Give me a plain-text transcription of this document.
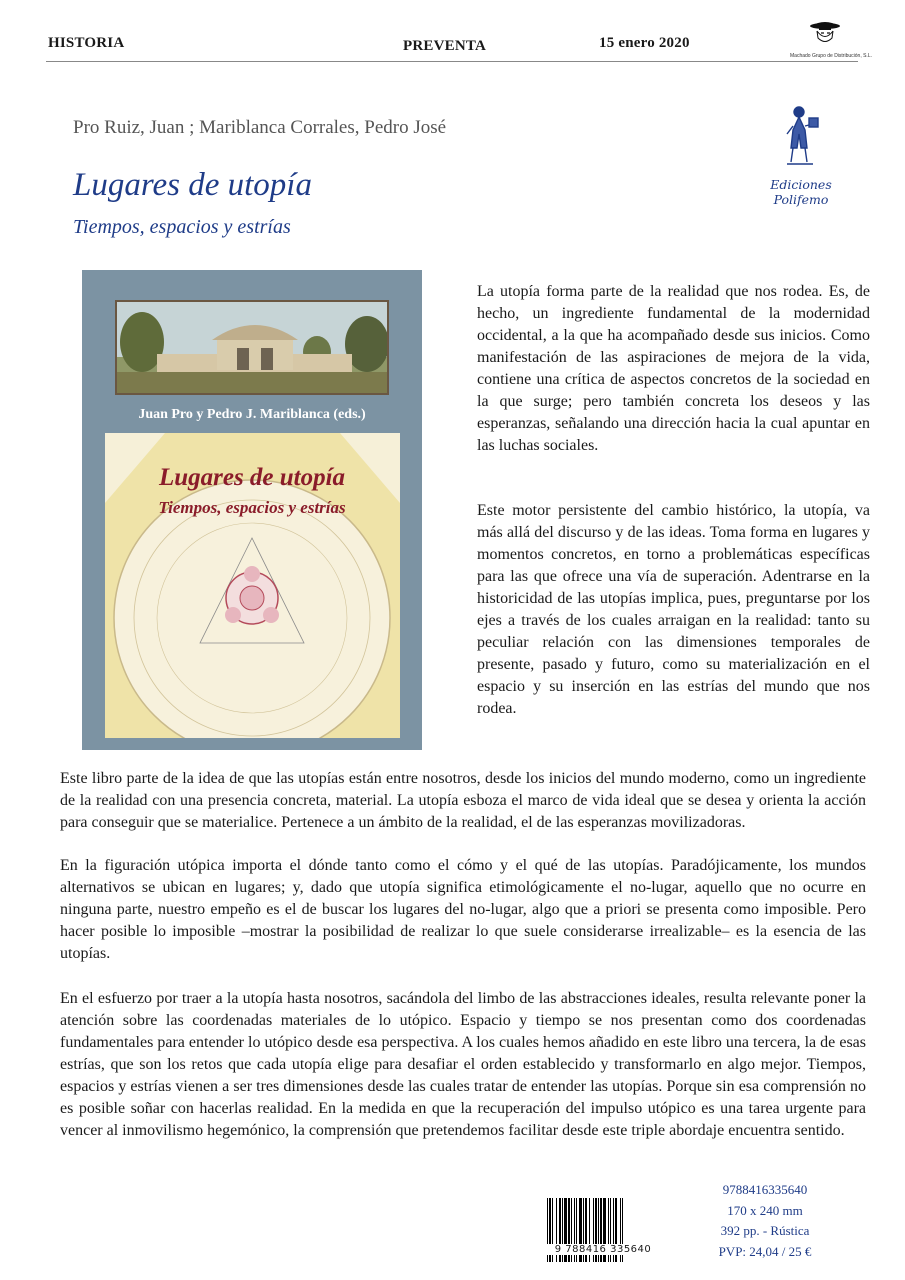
HISTORIA	PREVENTA	15 enero 2020
Machado Grupo de Distribución, S.L.
Pro Ruiz, Juan ; Mariblanca Corrales, Pedro José
Lugares de utopía
Tiempos, espacios y estrías
Ediciones Polifemo
Juan Pro y Pedro J. Mariblanca (eds.)
Lugares de utopía
Tiempos, espacios y estrías

La utopía forma parte de la realidad que nos rodea. Es, de hecho, un ingrediente fundamental de la modernidad occidental, a la que ha acompañado desde sus inicios. Como manifestación de las aspiraciones de mejora de la vida, contiene una crítica de aspectos concretos de la sociedad en la que surge; pero también concreta los deseos y las esperanzas, señalando una dirección hacia la cual apuntar en las luchas sociales.

Este motor persistente del cambio histórico, la utopía, va más allá del discurso y de las ideas. Toma forma en lugares y momentos concretos, en torno a problemáticas específicas para las que ofrece una vía de superación. Adentrarse en la historicidad de las utopías implica, pues, preguntarse por los ejes a través de los cuales arraigan en la realidad: tanto su peculiar relación con las dimensiones temporales de presente, pasado y futuro, como su materialización en el espacio y su inserción en las estrías del mundo que nos rodea.

Este libro parte de la idea de que las utopías están entre nosotros, desde los inicios del mundo moderno, como un ingrediente de la realidad con una presencia concreta, material. La utopía esboza el marco de vida ideal que se desea y orienta la acción para conseguir que se materialice. Pertenece a un ámbito de la realidad, el de las esperanzas movilizadoras.

En la figuración utópica importa el dónde tanto como el cómo y el qué de las utopías. Paradójicamente, los mundos alternativos se ubican en lugares; y, dado que utopía significa etimológicamente el no-lugar, aquello que no ocurre en ninguna parte, nuestro empeño es el de buscar los lugares del no-lugar, algo que a priori se presenta como imposible. Pero hacer posible lo imposible –mostrar la posibilidad de realizar lo que suele considerarse irrealizable– es la esencia de las utopías.

En el esfuerzo por traer a la utopía hasta nosotros, sacándola del limbo de las abstracciones ideales, resulta relevante poner la atención sobre las coordenadas materiales de lo utópico. Espacio y tiempo se nos presentan como dos coordenadas fundamentales para entender lo utópico desde esa perspectiva. A los cuales hemos añadido en este libro una tercera, la de esas estrías, que son los retos que cada utopía elige para desafiar el orden establecido y transformarlo en algo mejor. Tiempos, espacios y estrías vienen a ser tres dimensiones desde las cuales tratar de entender las utopías. Porque sin esa comprensión no es posible soñar con hacerlas realidad. En la medida en que la recuperación del impulso utópico es una tarea urgente para vencer al inmovilismo hegemónico, la comprensión que pretendemos facilitar desde este triple abordaje encuentra sentido.

9 788416 335640
9788416335640
170 x 240 mm
392 pp. - Rústica
PVP: 24,04 / 25 €
